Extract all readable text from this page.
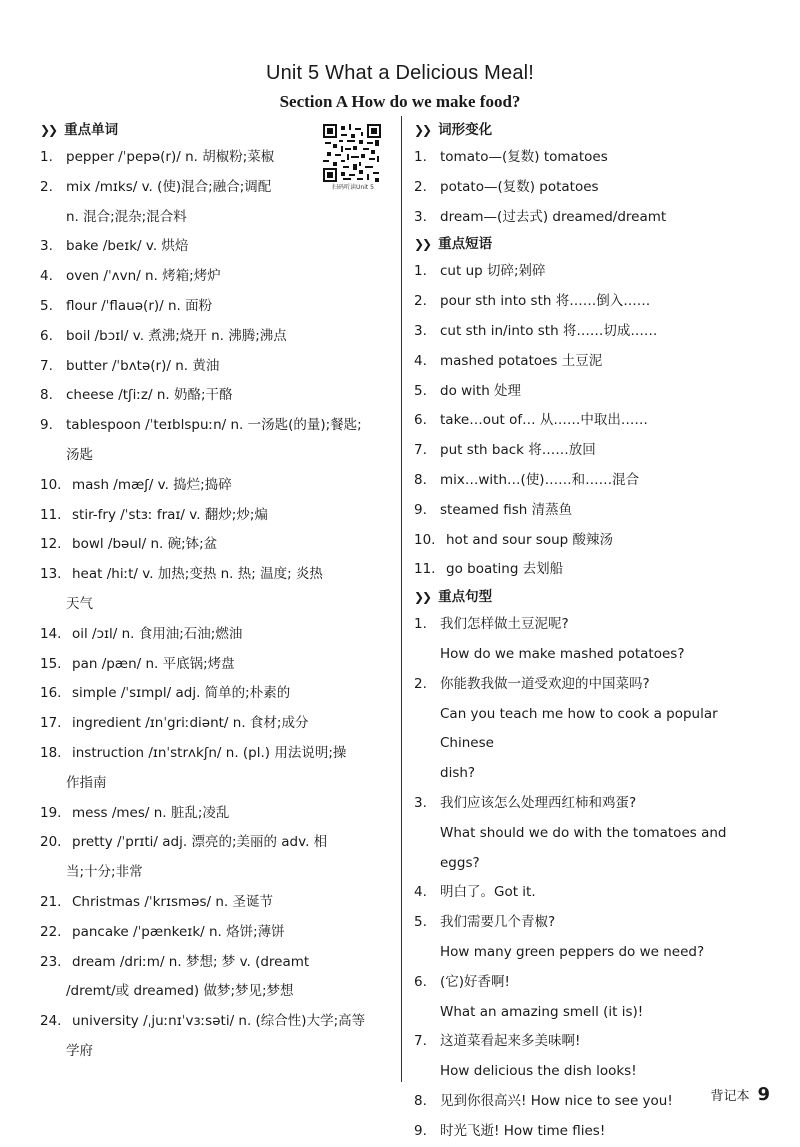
Unit 5 What a Delicious Meal!
Section A How do we make food?
扫码听读Unit 5
❯❯ 重点单词
1. pepper /ˈpepə(r)/ n. 胡椒粉;菜椒
2. mix /mɪks/ v. (使)混合;融合;调配
n. 混合;混杂;混合料
3. bake /beɪk/ v. 烘焙
4. oven /ˈʌvn/ n. 烤箱;烤炉
5. flour /ˈflauə(r)/ n. 面粉
6. boil /bɔɪl/ v. 煮沸;烧开 n. 沸腾;沸点
7. butter /ˈbʌtə(r)/ n. 黄油
8. cheese /tʃiːz/ n. 奶酪;干酪
9. tablespoon /ˈteɪblspuːn/ n. 一汤匙(的量);餐匙;
汤匙
10. mash /mæʃ/ v. 捣烂;捣碎
11. stir-fry /ˈstɜː fraɪ/ v. 翻炒;炒;煸
12. bowl /bəul/ n. 碗;钵;盆
13. heat /hiːt/ v. 加热;变热 n. 热; 温度; 炎热
天气
14. oil /ɔɪl/ n. 食用油;石油;燃油
15. pan /pæn/ n. 平底锅;烤盘
16. simple /ˈsɪmpl/ adj. 简单的;朴素的
17. ingredient /ɪnˈgriːdiənt/ n. 食材;成分
18. instruction /ɪnˈstrʌkʃn/ n. (pl.) 用法说明;操
作指南
19. mess /mes/ n. 脏乱;凌乱
20. pretty /ˈprɪti/ adj. 漂亮的;美丽的 adv. 相
当;十分;非常
21. Christmas /ˈkrɪsməs/ n. 圣诞节
22. pancake /ˈpænkeɪk/ n. 烙饼;薄饼
23. dream /driːm/ n. 梦想; 梦 v. (dreamt
/dremt/或 dreamed) 做梦;梦见;梦想
24. university /ˌjuːnɪˈvɜːsəti/ n. (综合性)大学;高等
学府
❯❯ 词形变化
1. tomato—(复数) tomatoes
2. potato—(复数) potatoes
3. dream—(过去式) dreamed/dreamt
❯❯ 重点短语
1. cut up 切碎;剁碎
2. pour sth into sth 将……倒入……
3. cut sth in/into sth 将……切成……
4. mashed potatoes 土豆泥
5. do with 处理
6. take…out of… 从……中取出……
7. put sth back 将……放回
8. mix…with…(使)……和……混合
9. steamed fish 清蒸鱼
10. hot and sour soup 酸辣汤
11. go boating 去划船
❯❯ 重点句型
1. 我们怎样做土豆泥呢?
How do we make mashed potatoes?
2. 你能教我做一道受欢迎的中国菜吗?
Can you teach me how to cook a popular Chinese
dish?
3. 我们应该怎么处理西红柿和鸡蛋?
What should we do with the tomatoes and eggs?
4. 明白了。Got it.
5. 我们需要几个青椒?
How many green peppers do we need?
6. (它)好香啊!
What an amazing smell (it is)!
7. 这道菜看起来多美味啊!
How delicious the dish looks!
8. 见到你很高兴! How nice to see you!
9. 时光飞逝! How time flies!
背记本 9
